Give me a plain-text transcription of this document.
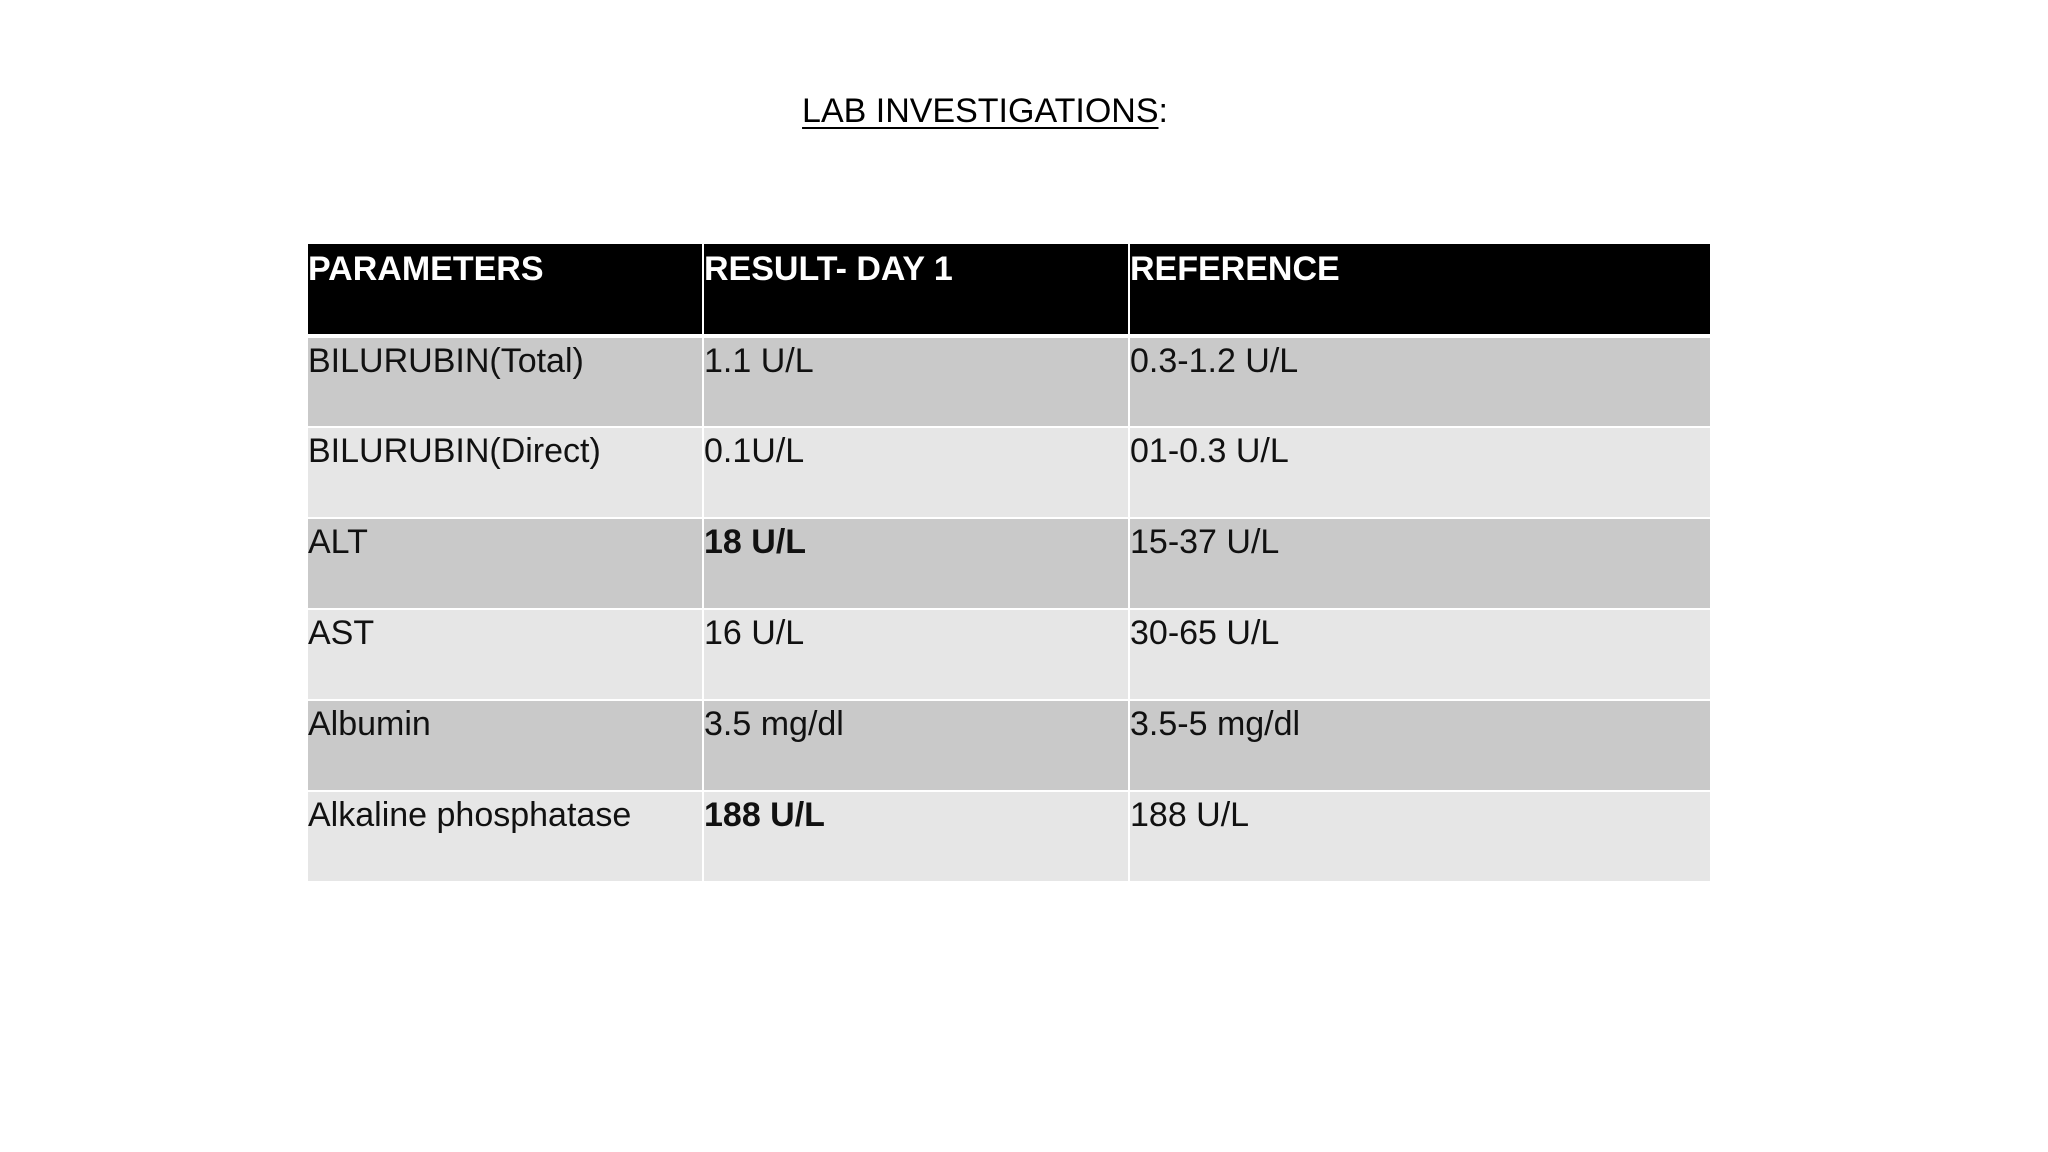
LAB INVESTIGATIONS:
PARAMETERS	RESULT- DAY 1	REFERENCE
BILURUBIN(Total)	1.1 U/L	0.3-1.2 U/L
BILURUBIN(Direct)	0.1U/L	01-0.3 U/L
ALT	18 U/L	15-37 U/L
AST	16 U/L	30-65 U/L
Albumin	3.5 mg/dl	3.5-5 mg/dl
Alkaline phosphatase	188 U/L	188 U/L
